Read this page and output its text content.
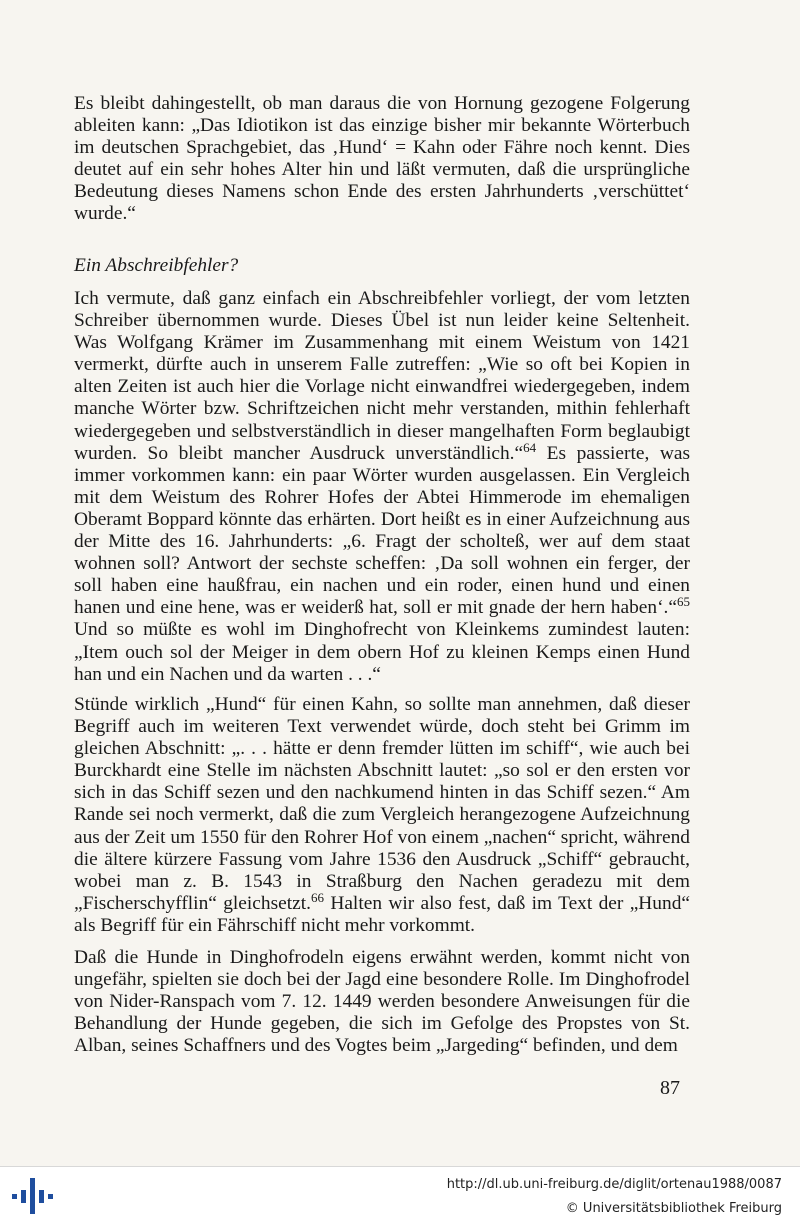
Es bleibt dahingestellt, ob man daraus die von Hornung gezogene Folgerung ableiten kann: „Das Idiotikon ist das einzige bisher mir bekannte Wörterbuch im deutschen Sprachgebiet, das ‚Hund‘ = Kahn oder Fähre noch kennt. Dies deutet auf ein sehr hohes Alter hin und läßt vermuten, daß die ursprüngliche Bedeutung dieses Namens schon Ende des ersten Jahrhunderts ‚verschüttet‘ wurde.“

Ein Abschreibfehler?

Ich vermute, daß ganz einfach ein Abschreibfehler vorliegt, der vom letzten Schreiber übernommen wurde. Dieses Übel ist nun leider keine Seltenheit. Was Wolfgang Krämer im Zusammenhang mit einem Weistum von 1421 vermerkt, dürfte auch in unserem Falle zutreffen: „Wie so oft bei Kopien in alten Zeiten ist auch hier die Vorlage nicht einwandfrei wiedergegeben, indem manche Wörter bzw. Schriftzeichen nicht mehr verstanden, mithin fehlerhaft wiedergegeben und selbstverständlich in dieser mangelhaften Form beglaubigt wurden. So bleibt mancher Ausdruck unverständlich.“$^{64}$ Es passierte, was immer vorkommen kann: ein paar Wörter wurden ausgelassen. Ein Vergleich mit dem Weistum des Rohrer Hofes der Abtei Himmerode im ehemaligen Oberamt Boppard könnte das erhärten. Dort heißt es in einer Aufzeichnung aus der Mitte des 16. Jahrhunderts: „6. Fragt der scholteß, wer auf dem staat wohnen soll? Antwort der sechste scheffen: ‚Da soll wohnen ein ferger, der soll haben eine haußfrau, ein nachen und ein roder, einen hund und einen hanen und eine hene, was er weiderß hat, soll er mit gnade der hern haben‘.“$^{65}$ Und so müßte es wohl im Dinghofrecht von Kleinkems zumindest lauten: „Item ouch sol der Meiger in dem obern Hof zu kleinen Kemps einen Hund han und ein Nachen und da warten . . .“

Stünde wirklich „Hund“ für einen Kahn, so sollte man annehmen, daß dieser Begriff auch im weiteren Text verwendet würde, doch steht bei Grimm im gleichen Abschnitt: „. . . hätte er denn fremder lütten im schiff“, wie auch bei Burckhardt eine Stelle im nächsten Abschnitt lautet: „so sol er den ersten vor sich in das Schiff sezen und den nachkumend hinten in das Schiff sezen.“ Am Rande sei noch vermerkt, daß die zum Vergleich herangezogene Aufzeichnung aus der Zeit um 1550 für den Rohrer Hof von einem „nachen“ spricht, während die ältere kürzere Fassung vom Jahre 1536 den Ausdruck „Schiff“ gebraucht, wobei man z. B. 1543 in Straßburg den Nachen geradezu mit dem „Fischerschyfflin“ gleichsetzt.$^{66}$ Halten wir also fest, daß im Text der „Hund“ als Begriff für ein Fährschiff nicht mehr vorkommt.

Daß die Hunde in Dinghofrodeln eigens erwähnt werden, kommt nicht von ungefähr, spielten sie doch bei der Jagd eine besondere Rolle. Im Dinghofrodel von Nider-Ranspach vom 7. 12. 1449 werden besondere Anweisungen für die Behandlung der Hunde gegeben, die sich im Gefolge des Propstes von St. Alban, seines Schaffners und des Vogtes beim „Jargeding“ befinden, und dem

87
http://dl.ub.uni-freiburg.de/diglit/ortenau1988/0087
© Universitätsbibliothek Freiburg
